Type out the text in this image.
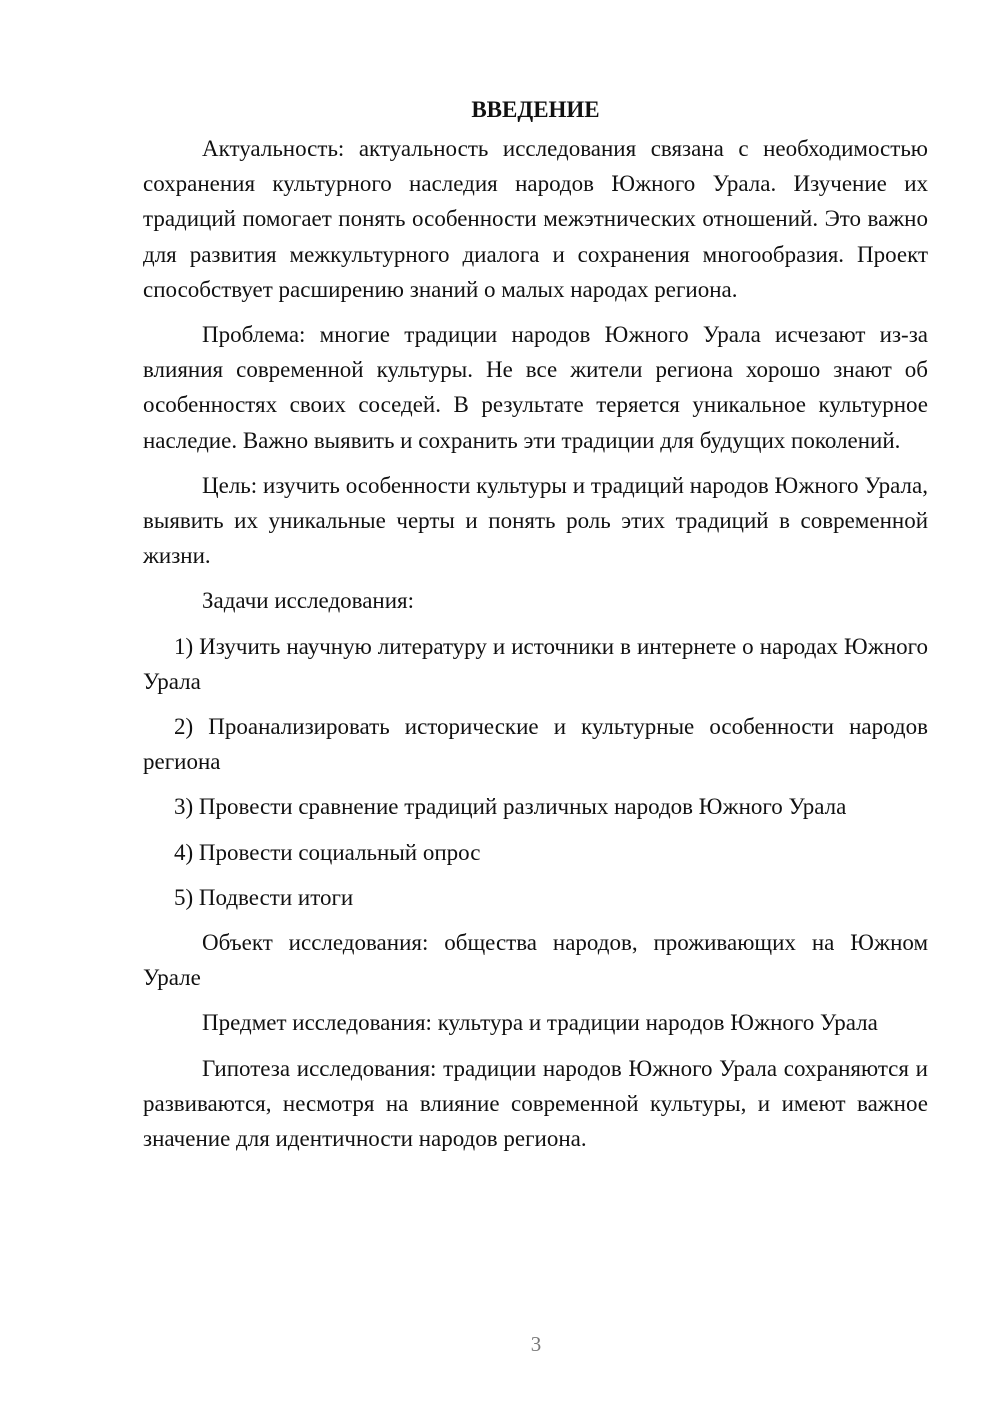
ВВЕДЕНИЕ

Актуальность: актуальность исследования связана с необходимостью сохранения культурного наследия народов Южного Урала. Изучение их традиций помогает понять особенности межэтнических отношений. Это важно для развития межкультурного диалога и сохранения многообразия. Проект способствует расширению знаний о малых народах региона.

Проблема: многие традиции народов Южного Урала исчезают из-за влияния современной культуры. Не все жители региона хорошо знают об особенностях своих соседей. В результате теряется уникальное культурное наследие. Важно выявить и сохранить эти традиции для будущих поколений.

Цель: изучить особенности культуры и традиций народов Южного Урала, выявить их уникальные черты и понять роль этих традиций в современной жизни.

Задачи исследования:

1) Изучить научную литературу и источники в интернете о народах Южного Урала

2) Проанализировать исторические и культурные особенности народов региона

3) Провести сравнение традиций различных народов Южного Урала

4) Провести социальный опрос

5) Подвести итоги

Объект исследования: общества народов, проживающих на Южном Урале

Предмет исследования: культура и традиции народов Южного Урала

Гипотеза исследования: традиции народов Южного Урала сохраняются и развиваются, несмотря на влияние современной культуры, и имеют важное значение для идентичности народов региона.

3
